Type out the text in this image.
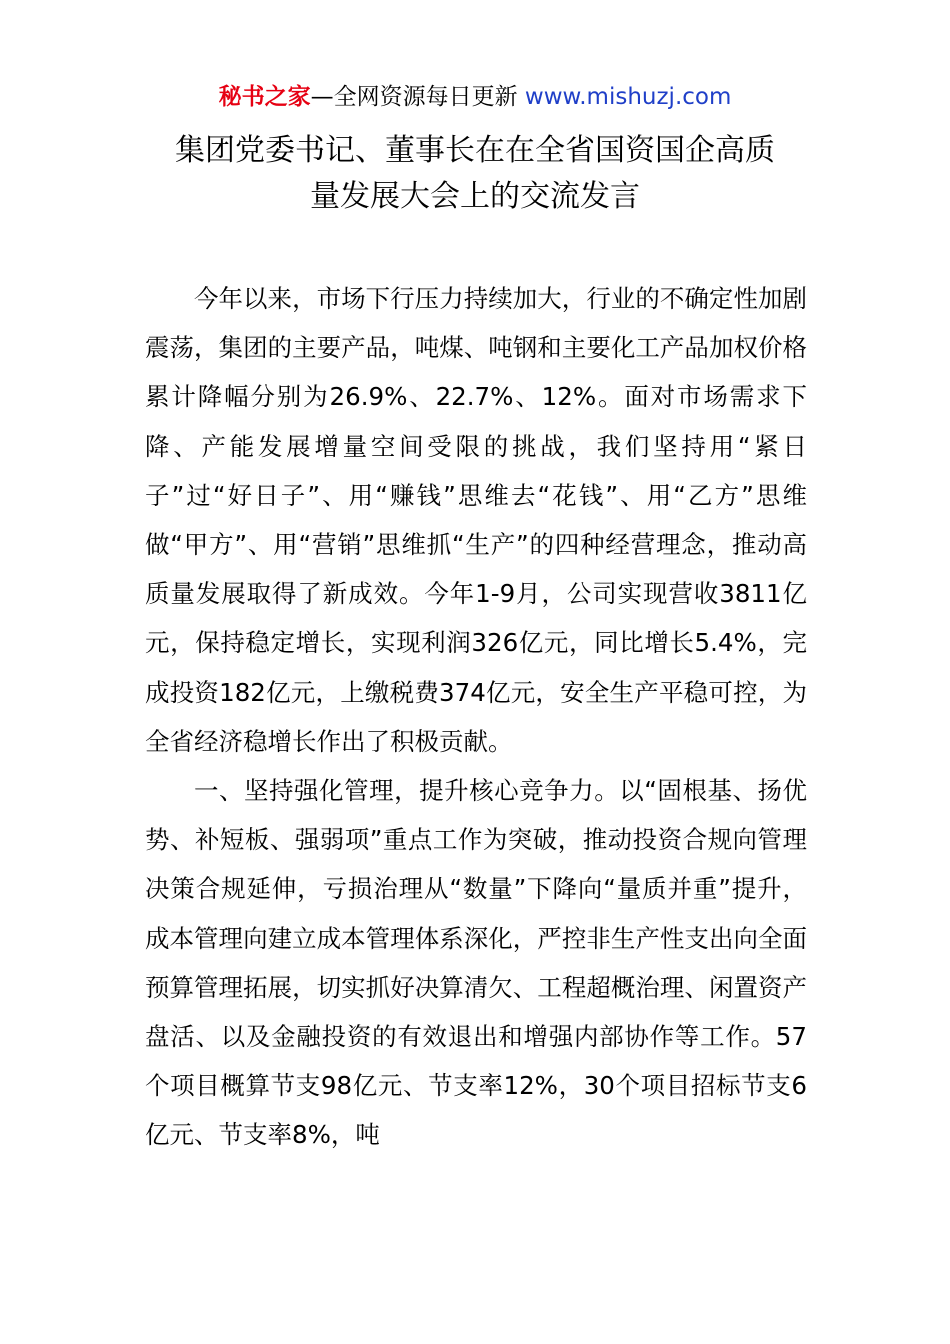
秘书之家—全网资源每日更新 www.mishuzj.com
集团党委书记、董事长在在全省国资国企高质
量发展大会上的交流发言

今年以来，市场下行压力持续加大，行业的不确定性加剧震荡，集团的主要产品，吨煤、吨钢和主要化工产品加权价格累计降幅分别为26.9%、22.7%、12%。面对市场需求下降、产能发展增量空间受限的挑战，我们坚持用“紧日子”过“好日子”、用“赚钱”思维去“花钱”、用“乙方”思维做“甲方”、用“营销”思维抓“生产”的四种经营理念，推动高质量发展取得了新成效。今年1-9月，公司实现营收3811亿元，保持稳定增长，实现利润326亿元，同比增长5.4%，完成投资182亿元，上缴税费374亿元，安全生产平稳可控，为全省经济稳增长作出了积极贡献。

一、坚持强化管理，提升核心竞争力。以“固根基、扬优势、补短板、强弱项”重点工作为突破，推动投资合规向管理决策合规延伸，亏损治理从“数量”下降向“量质并重”提升，成本管理向建立成本管理体系深化，严控非生产性支出向全面预算管理拓展，切实抓好决算清欠、工程超概治理、闲置资产盘活、以及金融投资的有效退出和增强内部协作等工作。57个项目概算节支98亿元、节支率12%，30个项目招标节支6亿元、节支率8%，吨
